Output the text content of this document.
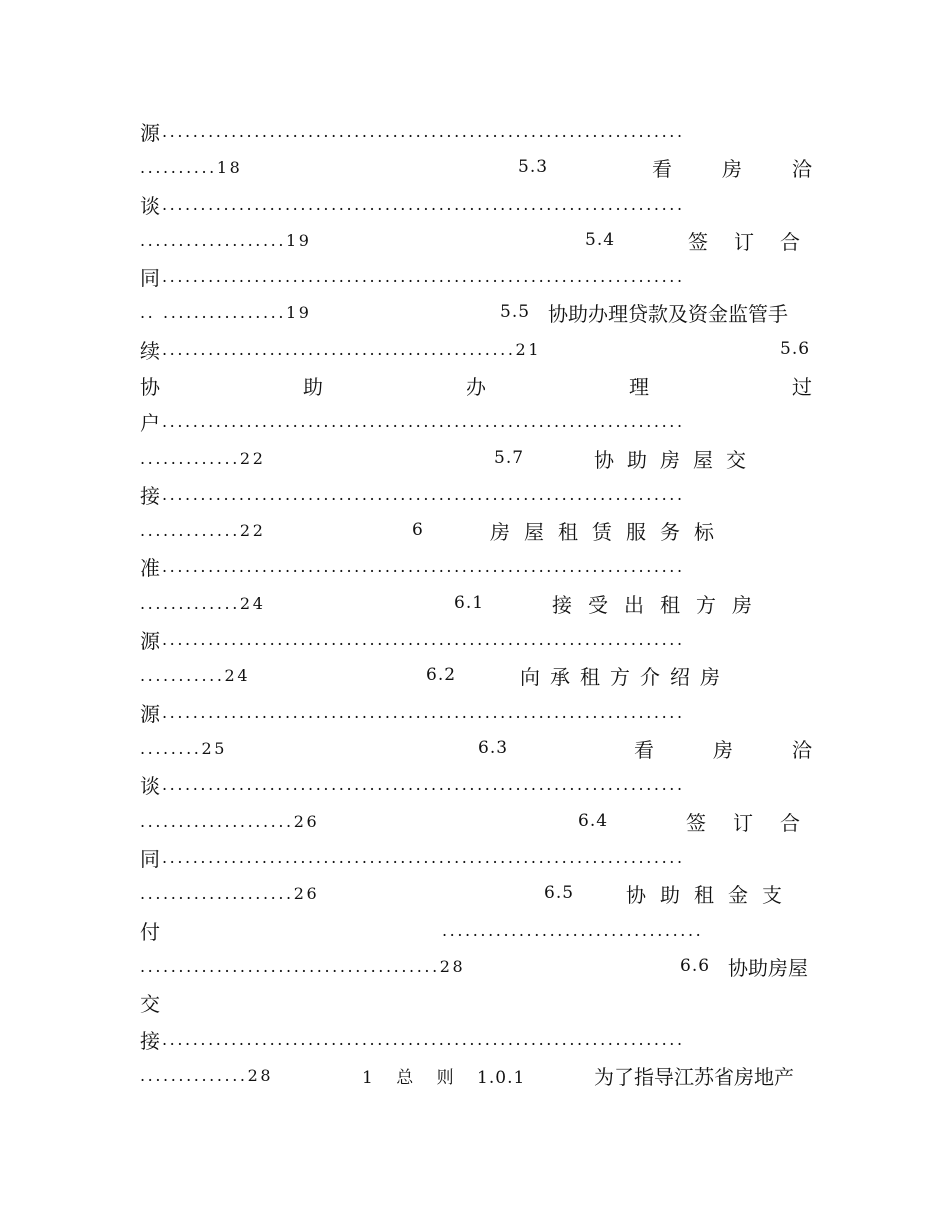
源 ....................................................................
..........18	5.3	看	房	洽
谈 ....................................................................
...................19	5.4	签订合
同 ....................................................................
.. ................19	5.5 协助办理贷款及资金监管手
续 ..............................................21	5.6
协	助	办	理	过
户 ....................................................................
.............22	5.7	协助房屋交
接 ....................................................................
.............22	6	房屋租赁服务标
准 ....................................................................
.............24	6.1	接受出租方房
源 ....................................................................
...........24	6.2	向承租方介绍房
源 ....................................................................
........25	6.3	看	房	洽
谈 ....................................................................
....................26	6.4	签订合
同 ....................................................................
....................26	6.5	协助租金支
付	..................................
.......................................28	6.6 协助房屋
交
接 ....................................................................
..............28	1 总 则 1.0.1	为了指导江苏省房地产
